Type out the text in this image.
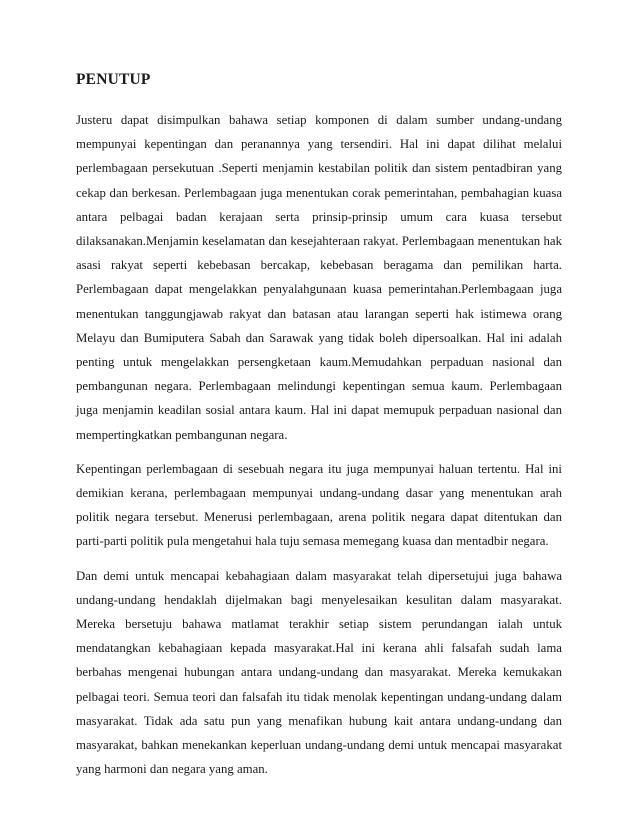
PENUTUP

Justeru dapat disimpulkan bahawa setiap komponen di dalam sumber undang-undang mempunyai kepentingan dan peranannya yang tersendiri. Hal ini dapat dilihat melalui perlembagaan persekutuan .Seperti menjamin kestabilan politik dan sistem pentadbiran yang cekap dan berkesan. Perlembagaan juga menentukan corak pemerintahan, pembahagian kuasa antara pelbagai badan kerajaan serta prinsip-prinsip umum cara kuasa tersebut dilaksanakan.Menjamin keselamatan dan kesejahteraan rakyat. Perlembagaan menentukan hak asasi rakyat seperti kebebasan bercakap, kebebasan beragama dan pemilikan harta. Perlembagaan dapat mengelakkan penyalahgunaan kuasa pemerintahan.Perlembagaan juga menentukan tanggungjawab rakyat dan batasan atau larangan seperti hak istimewa orang Melayu dan Bumiputera Sabah dan Sarawak yang tidak boleh dipersoalkan. Hal ini adalah penting untuk mengelakkan persengketaan kaum.Memudahkan perpaduan nasional dan pembangunan negara. Perlembagaan melindungi kepentingan semua kaum. Perlembagaan juga menjamin keadilan sosial antara kaum. Hal ini dapat memupuk perpaduan nasional dan mempertingkatkan pembangunan negara.

Kepentingan perlembagaan di sesebuah negara itu juga mempunyai haluan tertentu. Hal ini demikian kerana, perlembagaan mempunyai undang-undang dasar yang menentukan arah politik negara tersebut. Menerusi perlembagaan, arena politik negara dapat ditentukan dan parti-parti politik pula mengetahui hala tuju semasa memegang kuasa dan mentadbir negara.

Dan demi untuk mencapai kebahagiaan dalam masyarakat telah dipersetujui juga bahawa undang-undang hendaklah dijelmakan bagi menyelesaikan kesulitan dalam masyarakat. Mereka bersetuju bahawa matlamat terakhir setiap sistem perundangan ialah untuk mendatangkan kebahagiaan kepada masyarakat.Hal ini kerana ahli falsafah sudah lama berbahas mengenai hubungan antara undang-undang dan masyarakat. Mereka kemukakan pelbagai teori. Semua teori dan falsafah itu tidak menolak kepentingan undang-undang dalam masyarakat. Tidak ada satu pun yang menafikan hubung kait antara undang-undang dan masyarakat, bahkan menekankan keperluan undang-undang demi untuk mencapai masyarakat yang harmoni dan negara yang aman.
